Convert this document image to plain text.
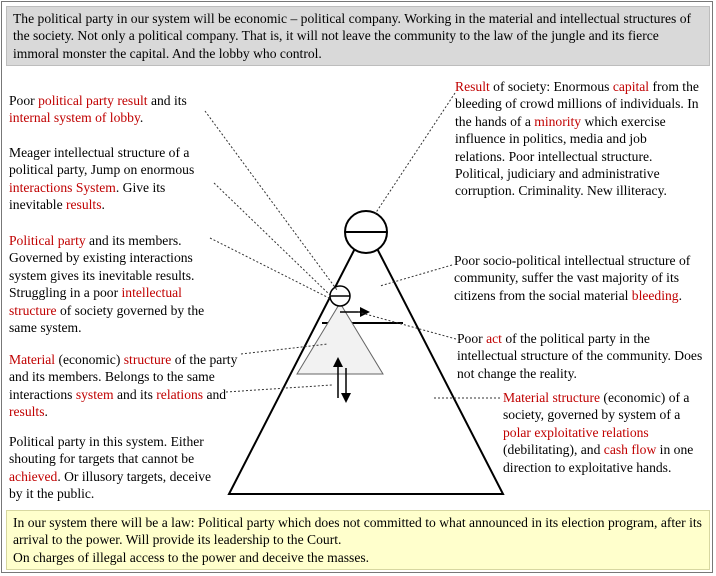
The political party in our system will be economic – political company. Working in the material and intellectual structures of the society. Not only a political company. That is, it will not leave the community to the law of the jungle and its fierce immoral monster the capital. And the lobby who control.
Poor political party result and its internal system of lobby.
Meager intellectual structure of a political party, Jump on enormous interactions System. Give its inevitable results.
Political party and its members. Governed by existing interactions system gives its inevitable results. Struggling in a poor intellectual structure of society governed by the same system.
Material (economic) structure of the party and its members. Belongs to the same interactions system and its relations and results.
Political party in this system. Either shouting for targets that cannot be achieved. Or illusory targets, deceive by it the public.
Result of society: Enormous capital from the bleeding of crowd millions of individuals. In the hands of a minority which exercise influence in politics, media and job relations. Poor intellectual structure. Political, judiciary and administrative corruption. Criminality. New illiteracy.
Poor socio-political intellectual structure of community, suffer the vast majority of its citizens from the social material bleeding.
Poor act of the political party in the intellectual structure of the community. Does not change the reality.
Material structure (economic) of a society, governed by system of a polar exploitative relations (debilitating), and cash flow in one direction to exploitative hands.
In our system there will be a law: Political party which does not committed to what announced in its election program, after its arrival to the power. Will provide its leadership to the Court.
On charges of illegal access to the power and deceive the masses.
